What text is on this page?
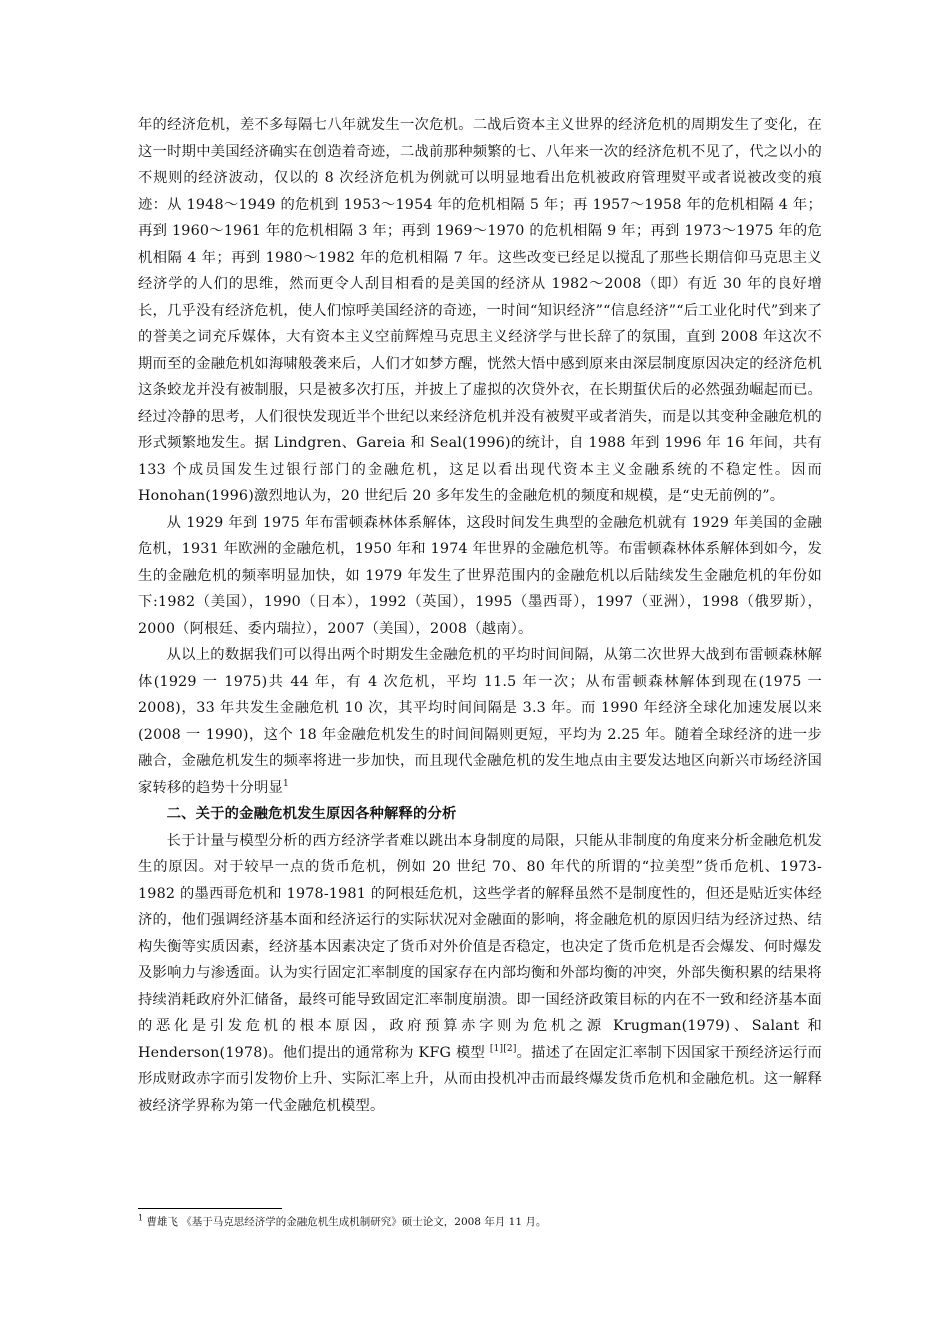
年的经济危机，差不多每隔七八年就发生一次危机。二战后资本主义世界的经济危机的周期发生了变化，在这一时期中美国经济确实在创造着奇迹，二战前那种频繁的七、八年来一次的经济危机不见了，代之以小的不规则的经济波动，仅以的 8 次经济危机为例就可以明显地看出危机被政府管理熨平或者说被改变的痕迹：从 1948～1949 的危机到 1953～1954 年的危机相隔 5 年；再 1957～1958 年的危机相隔 4 年；再到 1960～1961 年的危机相隔 3 年；再到 1969～1970 的危机相隔 9 年；再到 1973～1975 年的危机相隔 4 年；再到 1980～1982 年的危机相隔 7 年。这些改变已经足以搅乱了那些长期信仰马克思主义经济学的人们的思维，然而更令人刮目相看的是美国的经济从 1982～2008（即）有近 30 年的良好增长，几乎没有经济危机，使人们惊呼美国经济的奇迹，一时间“知识经济”“信息经济”“后工业化时代”到来了的誉美之词充斥媒体，大有资本主义空前辉煌马克思主义经济学与世长辞了的氛围，直到 2008 年这次不期而至的金融危机如海啸般袭来后，人们才如梦方醒，恍然大悟中感到原来由深层制度原因决定的经济危机这条蛟龙并没有被制服，只是被多次打压，并披上了虚拟的次贷外衣，在长期蜇伏后的必然强劲崛起而已。经过冷静的思考，人们很快发现近半个世纪以来经济危机并没有被熨平或者消失，而是以其变种金融危机的形式频繁地发生。据 Lindgren、Gareia 和 Seal(1996)的统计，自 1988 年到 1996 年 16 年间，共有 133 个成员国发生过银行部门的金融危机，这足以看出现代资本主义金融系统的不稳定性。因而 Honohan(1996)激烈地认为，20 世纪后 20 多年发生的金融危机的频度和规模，是“史无前例的”。

从 1929 年到 1975 年布雷顿森林体系解体，这段时间发生典型的金融危机就有 1929 年美国的金融危机，1931 年欧洲的金融危机，1950 年和 1974 年世界的金融危机等。布雷顿森林体系解体到如今，发生的金融危机的频率明显加快，如 1979 年发生了世界范围内的金融危机以后陆续发生金融危机的年份如下:1982（美国），1990（日本），1992（英国），1995（墨西哥），1997（亚洲），1998（俄罗斯），2000（阿根廷、委内瑞拉），2007（美国），2008（越南）。

从以上的数据我们可以得出两个时期发生金融危机的平均时间间隔，从第二次世界大战到布雷顿森林解体(1929 一 1975)共 44 年，有 4 次危机，平均 11.5 年一次；从布雷顿森林解体到现在(1975 一 2008)，33 年共发生金融危机 10 次，其平均时间间隔是 3.3 年。而 1990 年经济全球化加速发展以来(2008 一 1990)，这个 18 年金融危机发生的时间间隔则更短，平均为 2.25 年。随着全球经济的进一步融合，金融危机发生的频率将进一步加快，而且现代金融危机的发生地点由主要发达地区向新兴市场经济国家转移的趋势十分明显$^1$

二、关于的金融危机发生原因各种解释的分析

长于计量与模型分析的西方经济学者难以跳出本身制度的局限，只能从非制度的角度来分析金融危机发生的原因。对于较早一点的货币危机，例如 20 世纪 70、80 年代的所谓的“拉美型”货币危机、1973-1982 的墨西哥危机和 1978-1981 的阿根廷危机，这些学者的解释虽然不是制度性的，但还是贴近实体经济的，他们强调经济基本面和经济运行的实际状况对金融面的影响，将金融危机的原因归结为经济过热、结构失衡等实质因素，经济基本因素决定了货币对外价值是否稳定，也决定了货币危机是否会爆发、何时爆发及影响力与渗透面。认为实行固定汇率制度的国家存在内部均衡和外部均衡的冲突，外部失衡积累的结果将持续消耗政府外汇储备，最终可能导致固定汇率制度崩溃。即一国经济政策目标的内在不一致和经济基本面的恶化是引发危机的根本原因，政府预算赤字则为危机之源 Krugman(1979)、Salant 和 Henderson(1978)。他们提出的通常称为 KFG 模型 [1][2]。描述了在固定汇率制下因国家干预经济运行而形成财政赤字而引发物价上升、实际汇率上升，从而由投机冲击而最终爆发货币危机和金融危机。这一解释被经济学界称为第一代金融危机模型。

$^1$ 曹雄飞 《基于马克思经济学的金融危机生成机制研究》硕士论文，2008 年月 11 月。
